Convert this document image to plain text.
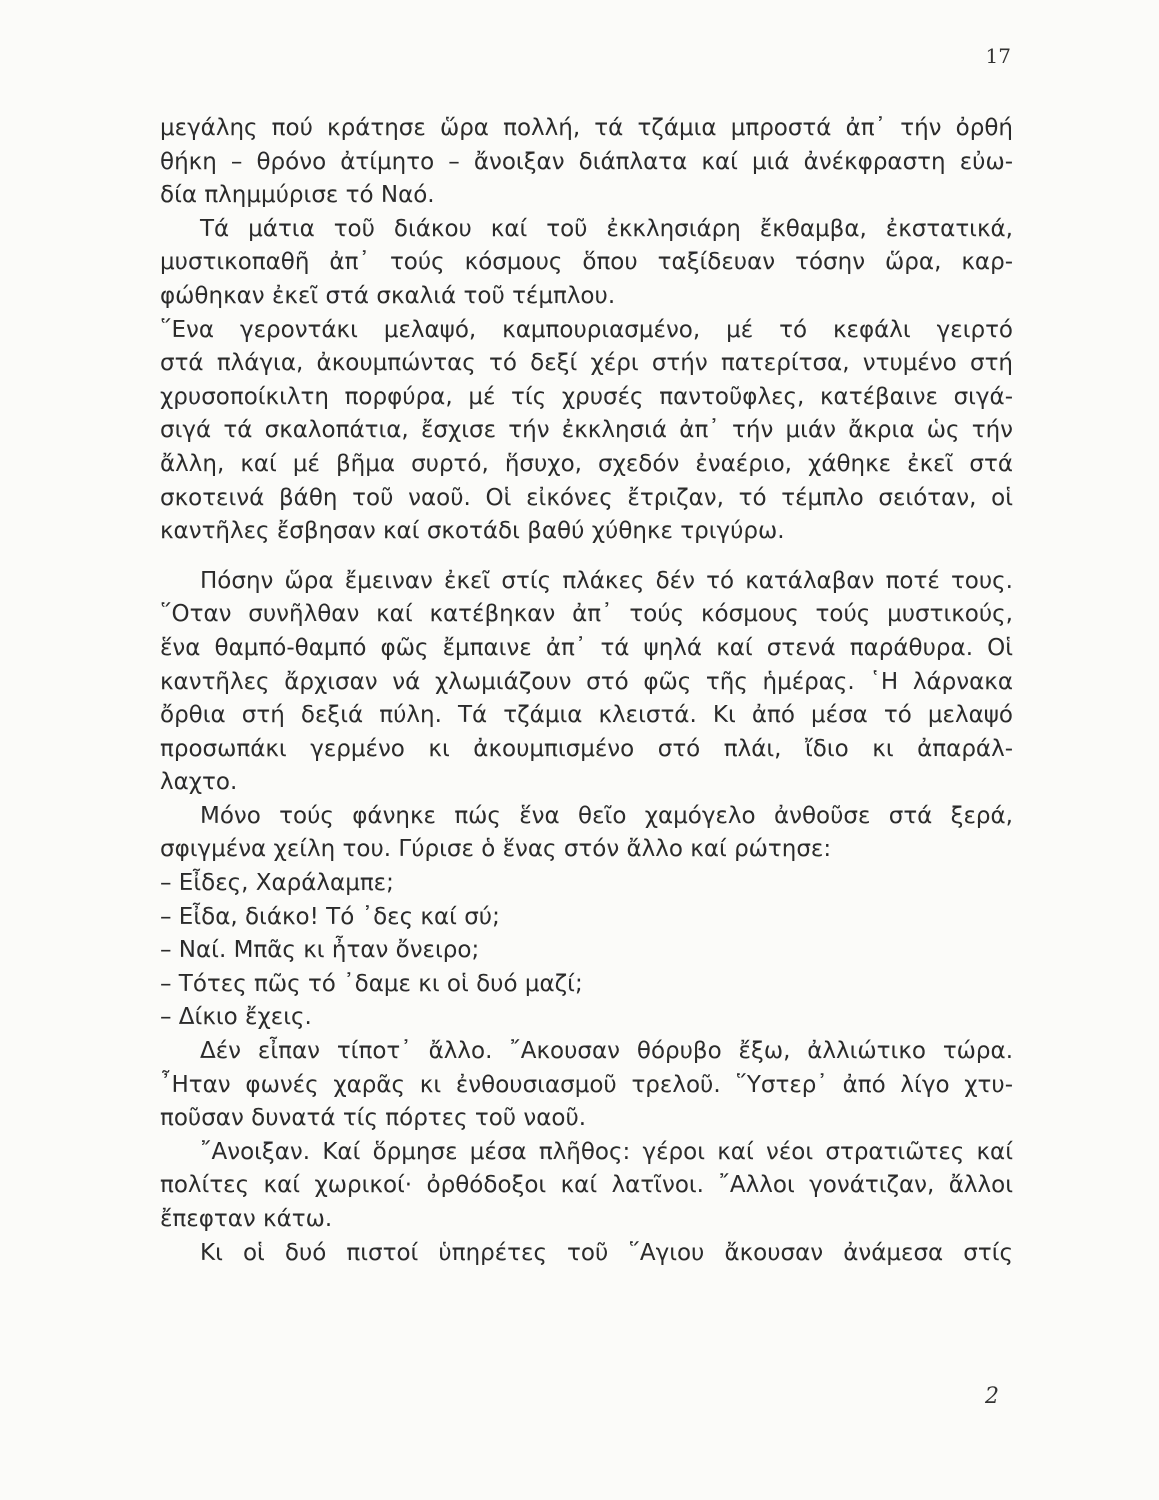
17

μεγάλης πού κράτησε ὥρα πολλή, τά τζάμια μπροστά ἀπ᾽ τήν ὀρθή
θήκη – θρόνο ἀτίμητο – ἄνοιξαν διάπλατα καί μιά ἀνέκφραστη εὐω-
δία πλημμύρισε τό Ναό.

Τά μάτια τοῦ διάκου καί τοῦ ἐκκλησιάρη ἔκθαμβα, ἐκστατικά,
μυστικοπαθῆ ἀπ᾽ τούς κόσμους ὅπου ταξίδευαν τόσην ὥρα, καρ-
φώθηκαν ἐκεῖ στά σκαλιά τοῦ τέμπλου.

῞Ενα γεροντάκι μελαψό, καμπουριασμένο, μέ τό κεφάλι γειρτό
στά πλάγια, ἀκουμπώντας τό δεξί χέρι στήν πατερίτσα, ντυμένο στή
χρυσοποίκιλτη πορφύρα, μέ τίς χρυσές παντοῦφλες, κατέβαινε σιγά-
σιγά τά σκαλοπάτια, ἔσχισε τήν ἐκκλησιά ἀπ᾽ τήν μιάν ἄκρια ὡς τήν
ἄλλη, καί μέ βῆμα συρτό, ἥσυχο, σχεδόν ἐναέριο, χάθηκε ἐκεῖ στά
σκοτεινά βάθη τοῦ ναοῦ. Οἱ εἰκόνες ἔτριζαν, τό τέμπλο σειόταν, οἱ
καντῆλες ἔσβησαν καί σκοτάδι βαθύ χύθηκε τριγύρω.

Πόσην ὥρα ἔμειναν ἐκεῖ στίς πλάκες δέν τό κατάλαβαν ποτέ τους.
῞Οταν συνῆλθαν καί κατέβηκαν ἀπ᾽ τούς κόσμους τούς μυστικούς,
ἕνα θαμπό-θαμπό φῶς ἔμπαινε ἀπ᾽ τά ψηλά καί στενά παράθυρα. Οἱ
καντῆλες ἄρχισαν νά χλωμιάζουν στό φῶς τῆς ἡμέρας. ῾Η λάρνακα
ὄρθια στή δεξιά πύλη. Τά τζάμια κλειστά. Κι ἀπό μέσα τό μελαψό
προσωπάκι γερμένο κι ἀκουμπισμένο στό πλάι, ἴδιο κι ἀπαράλ-
λαχτο.

Μόνο τούς φάνηκε πώς ἕνα θεῖο χαμόγελο ἀνθοῦσε στά ξερά,
σφιγμένα χείλη του. Γύρισε ὁ ἕνας στόν ἄλλο καί ρώτησε:

– Εἶδες, Χαράλαμπε;
– Εἶδα, διάκο! Τό ᾽δες καί σύ;
– Ναί. Μπᾶς κι ἦταν ὄνειρο;
– Τότες πῶς τό ᾽δαμε κι οἱ δυό μαζί;
– Δίκιο ἔχεις.

Δέν εἶπαν τίποτ᾽ ἄλλο. ῎Ακουσαν θόρυβο ἔξω, ἀλλιώτικο τώρα.
῏Ηταν φωνές χαρᾶς κι ἐνθουσιασμοῦ τρελοῦ. ῞Υστερ᾽ ἀπό λίγο χτυ-
ποῦσαν δυνατά τίς πόρτες τοῦ ναοῦ.

῎Ανοιξαν. Καί ὅρμησε μέσα πλῆθος: γέροι καί νέοι στρατιῶτες καί
πολίτες καί χωρικοί· ὀρθόδοξοι καί λατῖνοι. ῎Αλλοι γονάτιζαν, ἄλλοι
ἔπεφταν κάτω.

Κι οἱ δυό πιστοί ὑπηρέτες τοῦ ῞Αγιου ἄκουσαν ἀνάμεσα στίς

2
